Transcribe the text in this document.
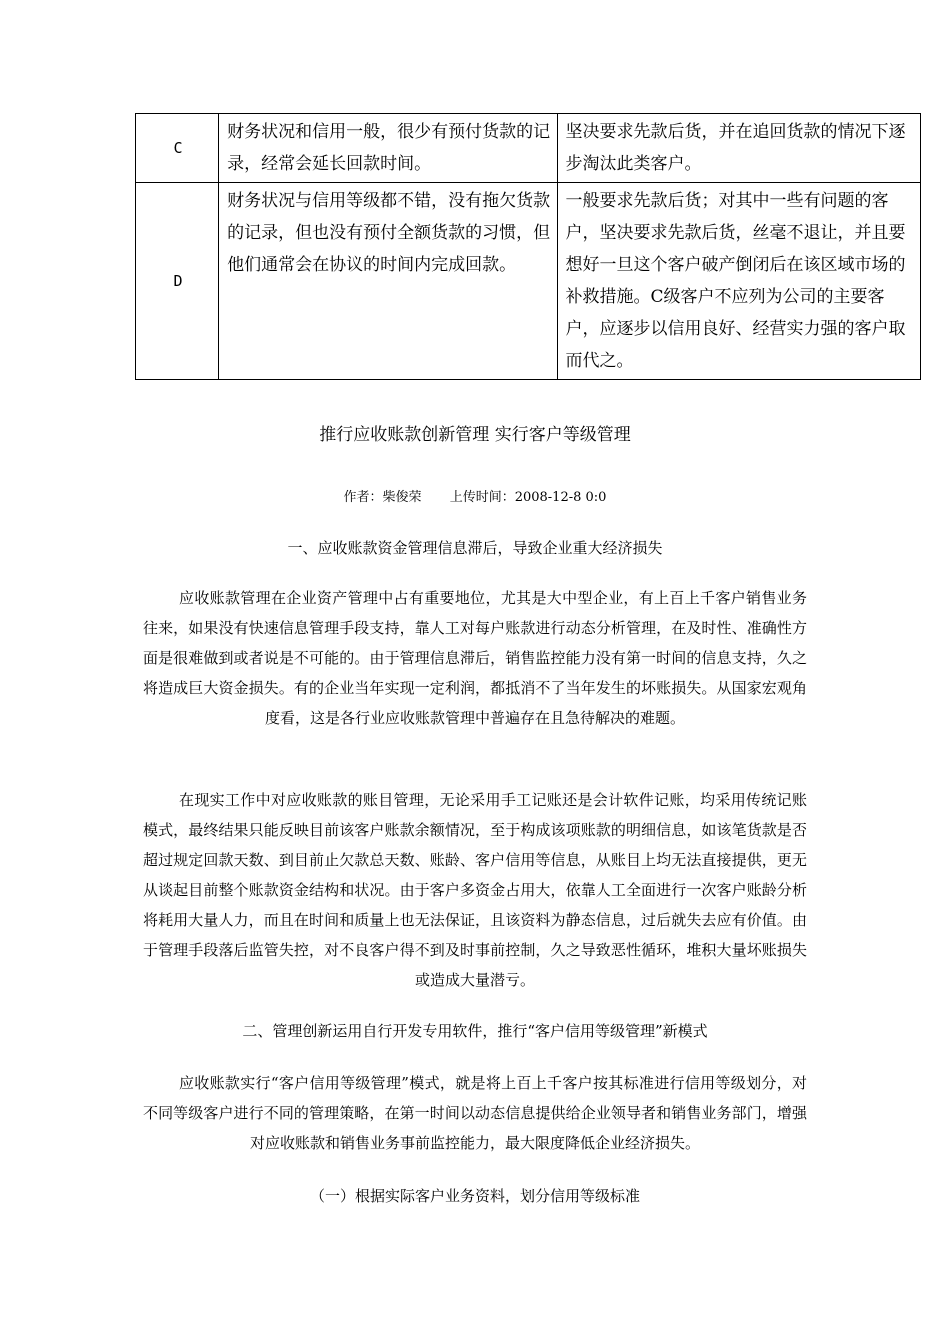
C	财务状况和信用一般，很少有预付货款的记录，经常会延长回款时间。	坚决要求先款后货，并在追回货款的情况下逐步淘汰此类客户。
D	财务状况与信用等级都不错，没有拖欠货款的记录，但也没有预付全额货款的习惯，但他们通常会在协议的时间内完成回款。	一般要求先款后货；对其中一些有问题的客户，坚决要求先款后货，丝毫不退让，并且要想好一旦这个客户破产倒闭后在该区域市场的补救措施。C级客户不应列为公司的主要客户，应逐步以信用良好、经营实力强的客户取而代之。
推行应收账款创新管理 实行客户等级管理
作者：柴俊荣 上传时间：2008-12-8 0:0
一、应收账款资金管理信息滞后，导致企业重大经济损失
应收账款管理在企业资产管理中占有重要地位，尤其是大中型企业，有上百上千客户销售业务往来，如果没有快速信息管理手段支持，靠人工对每户账款进行动态分析管理，在及时性、准确性方面是很难做到或者说是不可能的。由于管理信息滞后，销售监控能力没有第一时间的信息支持，久之将造成巨大资金损失。有的企业当年实现一定利润，都抵消不了当年发生的坏账损失。从国家宏观角度看，这是各行业应收账款管理中普遍存在且急待解决的难题。
在现实工作中对应收账款的账目管理，无论采用手工记账还是会计软件记账，均采用传统记账模式，最终结果只能反映目前该客户账款余额情况，至于构成该项账款的明细信息，如该笔货款是否超过规定回款天数、到目前止欠款总天数、账龄、客户信用等信息，从账目上均无法直接提供，更无从谈起目前整个账款资金结构和状况。由于客户多资金占用大，依靠人工全面进行一次客户账龄分析将耗用大量人力，而且在时间和质量上也无法保证，且该资料为静态信息，过后就失去应有价值。由于管理手段落后监管失控，对不良客户得不到及时事前控制，久之导致恶性循环，堆积大量坏账损失或造成大量潜亏。
二、管理创新运用自行开发专用软件，推行“客户信用等级管理”新模式
应收账款实行“客户信用等级管理”模式，就是将上百上千客户按其标准进行信用等级划分，对不同等级客户进行不同的管理策略，在第一时间以动态信息提供给企业领导者和销售业务部门，增强对应收账款和销售业务事前监控能力，最大限度降低企业经济损失。
（一）根据实际客户业务资料，划分信用等级标准
